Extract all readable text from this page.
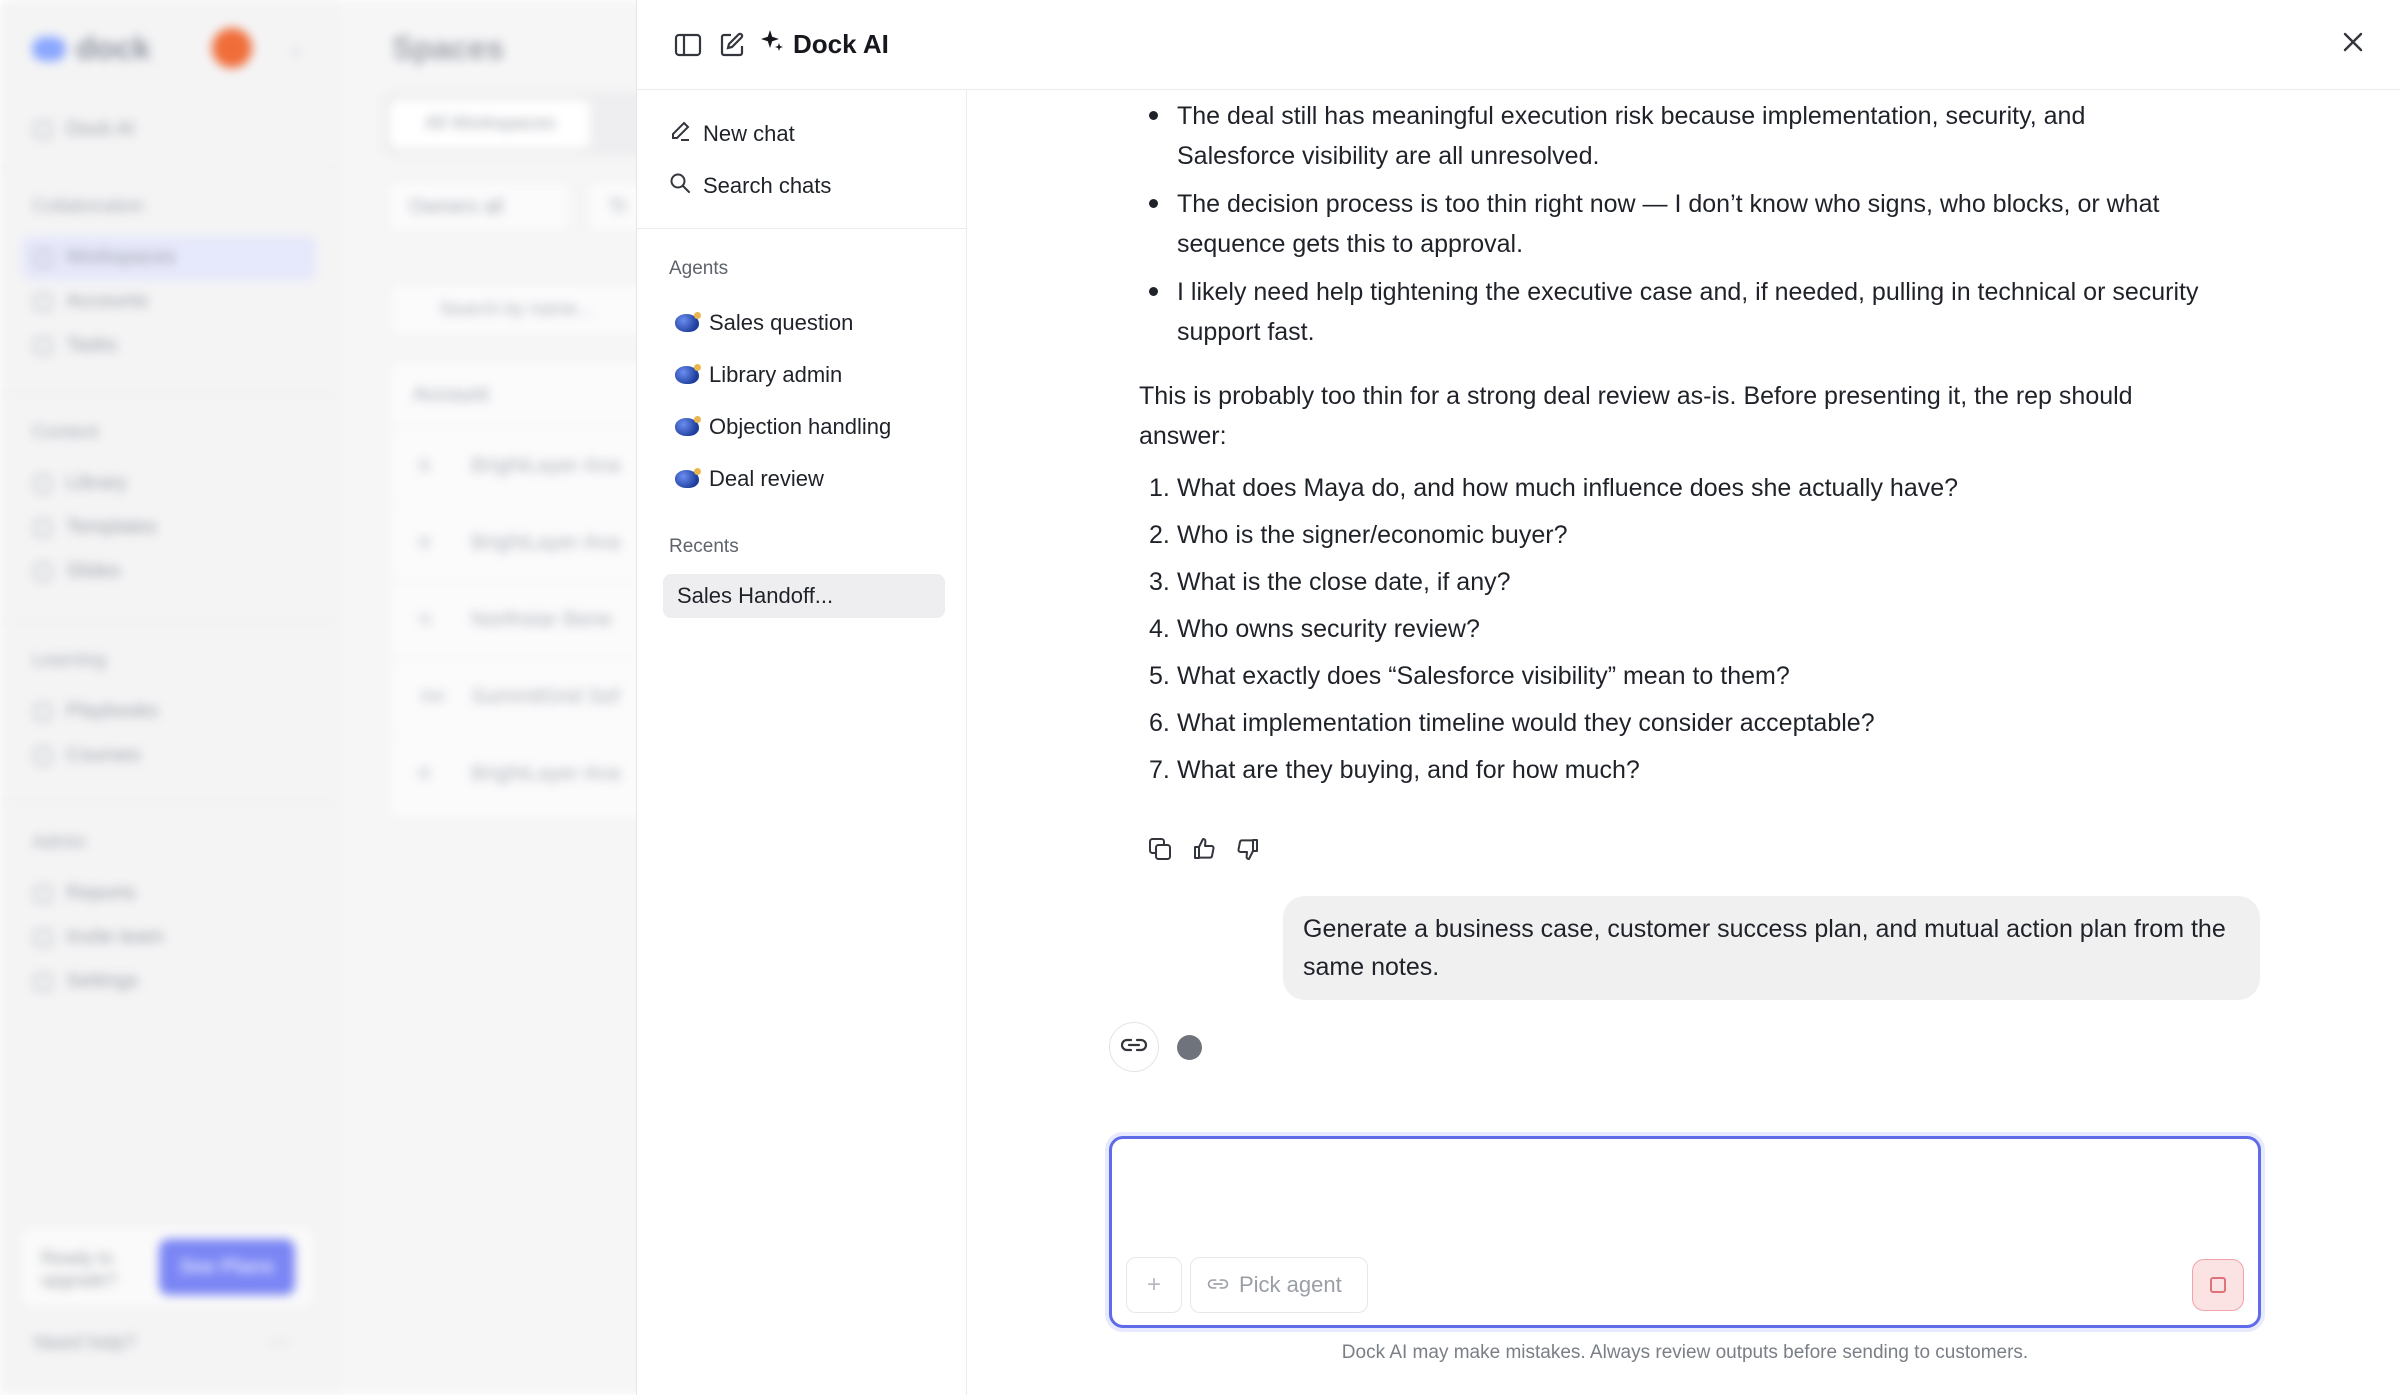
dock	⌄
Dock AI
Collaboration
Workspaces
Accounts
Tasks
Content
Library
Templates
Slides
Learning
Playbooks
Courses
Admin
Reports
Invite team
Settings
Ready to upgrade?
See Plans
Need help?	···
Spaces
All Workspaces
Owners all	Tr
Search by name...
Account
B	BrightLayer Ana
B	BrightLayer Ana
N	Northstar Bene
SM SummitGrid Sof
B	BrightLayer Ana
Dock AI
New chat
Search chats
Agents
Sales question
Library admin
Objection handling
Deal review
Recents
Sales Handoff...
The deal still has meaningful execution risk because implementation, security, and Salesforce visibility are all unresolved.
The decision process is too thin right now — I don’t know who signs, who blocks, or what sequence gets this to approval.
I likely need help tightening the executive case and, if needed, pulling in technical or security support fast.
This is probably too thin for a strong deal review as-is. Before presenting it, the rep should answer:
1. What does Maya do, and how much influence does she actually have?
2. Who is the signer/economic buyer?
3. What is the close date, if any?
4. Who owns security review?
5. What exactly does “Salesforce visibility” mean to them?
6. What implementation timeline would they consider acceptable?
7. What are they buying, and for how much?
Generate a business case, customer success plan, and mutual action plan from the same notes.
+	Pick agent
Dock AI may make mistakes. Always review outputs before sending to customers.
